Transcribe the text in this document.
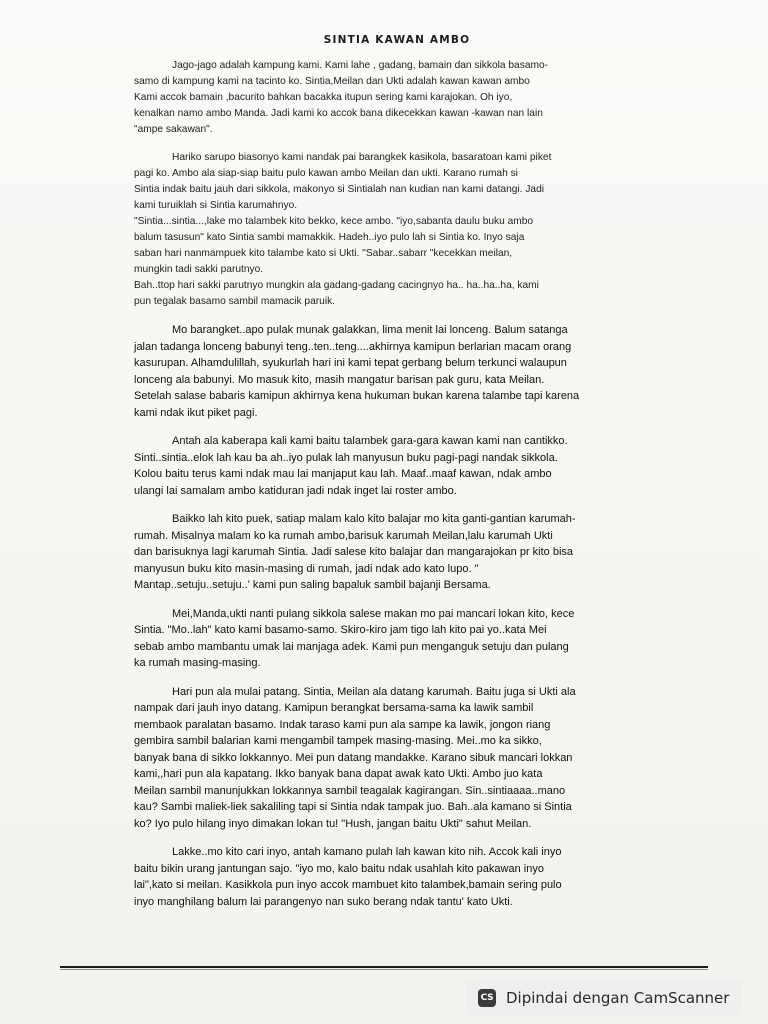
SINTIA KAWAN AMBO
Jago-jago adalah kampung kami. Kami lahe , gadang, bamain dan sikkola basamo-
samo di kampung kami na tacinto ko. Sintia,Meilan dan Ukti adalah kawan kawan ambo
Kami accok bamain ,bacurito bahkan bacakka itupun sering kami karajokan. Oh iyo,
kenalkan namo ambo Manda. Jadi kami ko accok bana dikecekkan kawan -kawan nan lain
"ampe sakawan".
Hariko sarupo biasonyo kami nandak pai barangkek kasikola, basaratoan kami piket
pagi ko. Ambo ala siap-siap baitu pulo kawan ambo Meilan dan ukti. Karano rumah si
Sintia indak baitu jauh dari sikkola, makonyo si Sintialah nan kudian nan kami datangi. Jadi
kami turuiklah si Sintia karumahnyo.
"Sintia...sintia...,lake mo talambek kito bekko, kece ambo. "iyo,sabanta daulu buku ambo
balum tasusun" kato Sintia sambi mamakkik. Hadeh..iyo pulo lah si Sintia ko. Inyo saja
saban hari nanmampuek kito talambe kato si Ukti. "Sabar..sabarr "kecekkan meilan,
mungkin tadi sakki parutnyo.
Bah..ttop hari sakki parutnyo mungkin ala gadang-gadang cacingnyo ha.. ha..ha..ha, kami
pun tegalak basamo sambil mamacik paruik.
Mo barangket..apo pulak munak galakkan, lima menit lai lonceng. Balum satanga
jalan tadanga lonceng babunyi teng..ten..teng....akhirnya kamipun berlarian macam orang
kasurupan. Alhamdulillah, syukurlah hari ini kami tepat gerbang belum terkunci walaupun
lonceng ala babunyi. Mo masuk kito, masih mangatur barisan pak guru, kata Meilan.
Setelah salase babaris kamipun akhirnya kena hukuman bukan karena talambe tapi karena
kami ndak ikut piket pagi.
Antah ala kaberapa kali kami baitu talambek gara-gara kawan kami nan cantikko.
Sinti..sintia..elok lah kau ba ah..iyo pulak lah manyusun buku pagi-pagi nandak sikkola.
Kolou baitu terus kami ndak mau lai manjaput kau lah. Maaf..maaf kawan, ndak ambo
ulangi lai samalam ambo katiduran jadi ndak inget lai roster ambo.
Baikko lah kito puek, satiap malam kalo kito balajar mo kita ganti-gantian karumah-
rumah. Misalnya malam ko ka rumah ambo,barisuk karumah Meilan,lalu karumah Ukti
dan barisuknya lagi karumah Sintia. Jadi salese kito balajar dan mangarajokan pr kito bisa
manyusun buku kito masin-masing di rumah, jadi ndak ado kato lupo. "
Mantap..setuju..setuju..' kami pun saling bapaluk sambil bajanji Bersama.
Mei,Manda,ukti nanti pulang sikkola salese makan mo pai mancari lokan kito, kece
Sintia. "Mo..lah" kato kami basamo-samo. Skiro-kiro jam tigo lah kito pai yo..kata Mei
sebab ambo mambantu umak lai manjaga adek. Kami pun menganguk setuju dan pulang
ka rumah masing-masing.
Hari pun ala mulai patang. Sintia, Meilan ala datang karumah. Baitu juga si Ukti ala
nampak dari jauh inyo datang. Kamipun berangkat bersama-sama ka lawik sambil
membaok paralatan basamo. Indak taraso kami pun ala sampe ka lawik, jongon riang
gembira sambil balarian kami mengambil tampek masing-masing. Mei..mo ka sikko,
banyak bana di sikko lokkannyo. Mei pun datang mandakke. Karano sibuk mancari lokkan
kami,,hari pun ala kapatang. Ikko banyak bana dapat awak kato Ukti. Ambo juo kata
Meilan sambil manunjukkan lokkannya sambil teagalak kagirangan. Sin..sintiaaaa..mano
kau? Sambi maliek-liek sakaliling tapi si Sintia ndak tampak juo. Bah..ala kamano si Sintia
ko? Iyo pulo hilang inyo dimakan lokan tu! "Hush, jangan baitu Ukti" sahut Meilan.
Lakke..mo kito cari inyo, antah kamano pulah lah kawan kito nih. Accok kali inyo
baitu bikin urang jantungan sajo. "iyo mo, kalo baitu ndak usahlah kito pakawan inyo
lai",kato si meilan. Kasikkola pun inyo accok mambuet kito talambek,bamain sering pulo
inyo manghilang balum lai parangenyo nan suko berang ndak tantu' kato Ukti.
CS Dipindai dengan CamScanner
